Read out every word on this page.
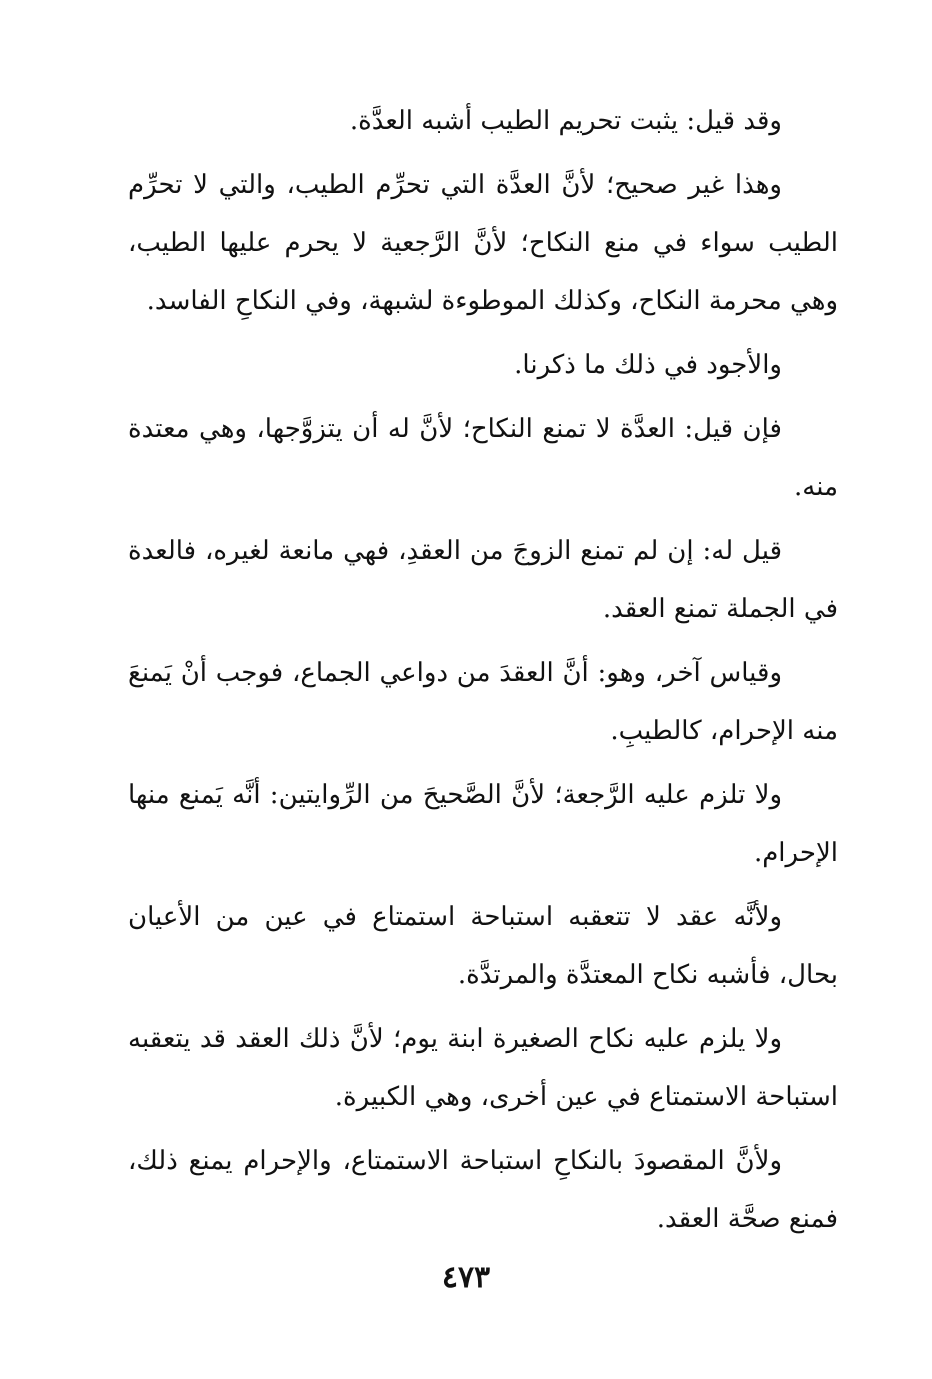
وقد قيل: يثبت تحريم الطيب أشبه العدَّة.

وهذا غير صحيح؛ لأنَّ العدَّة التي تحرِّم الطيب، والتي لا تحرِّم الطيب سواء في منع النكاح؛ لأنَّ الرَّجعية لا يحرم عليها الطيب، وهي محرمة النكاح، وكذلك الموطوءة لشبهة، وفي النكاحِ الفاسد.

والأجود في ذلك ما ذكرنا.

فإن قيل: العدَّة لا تمنع النكاح؛ لأنَّ له أن يتزوَّجها، وهي معتدة منه.

قيل له: إن لم تمنع الزوجَ من العقدِ، فهي مانعة لغيره، فالعدة في الجملة تمنع العقد.

وقياس آخر، وهو: أنَّ العقدَ من دواعي الجماع، فوجب أنْ يَمنعَ منه الإحرام، كالطيبِ.

ولا تلزم عليه الرَّجعة؛ لأنَّ الصَّحيحَ من الرِّوايتين: أنَّه يَمنع منها الإحرام.

ولأنَّه عقد لا تتعقبه استباحة استمتاع في عين من الأعيان بحال، فأشبه نكاح المعتدَّة والمرتدَّة.

ولا يلزم عليه نكاح الصغيرة ابنة يوم؛ لأنَّ ذلك العقد قد يتعقبه استباحة الاستمتاع في عين أخرى، وهي الكبيرة.

ولأنَّ المقصودَ بالنكاحِ استباحة الاستمتاع، والإحرام يمنع ذلك، فمنع صحَّة العقد.

٤٧٣
